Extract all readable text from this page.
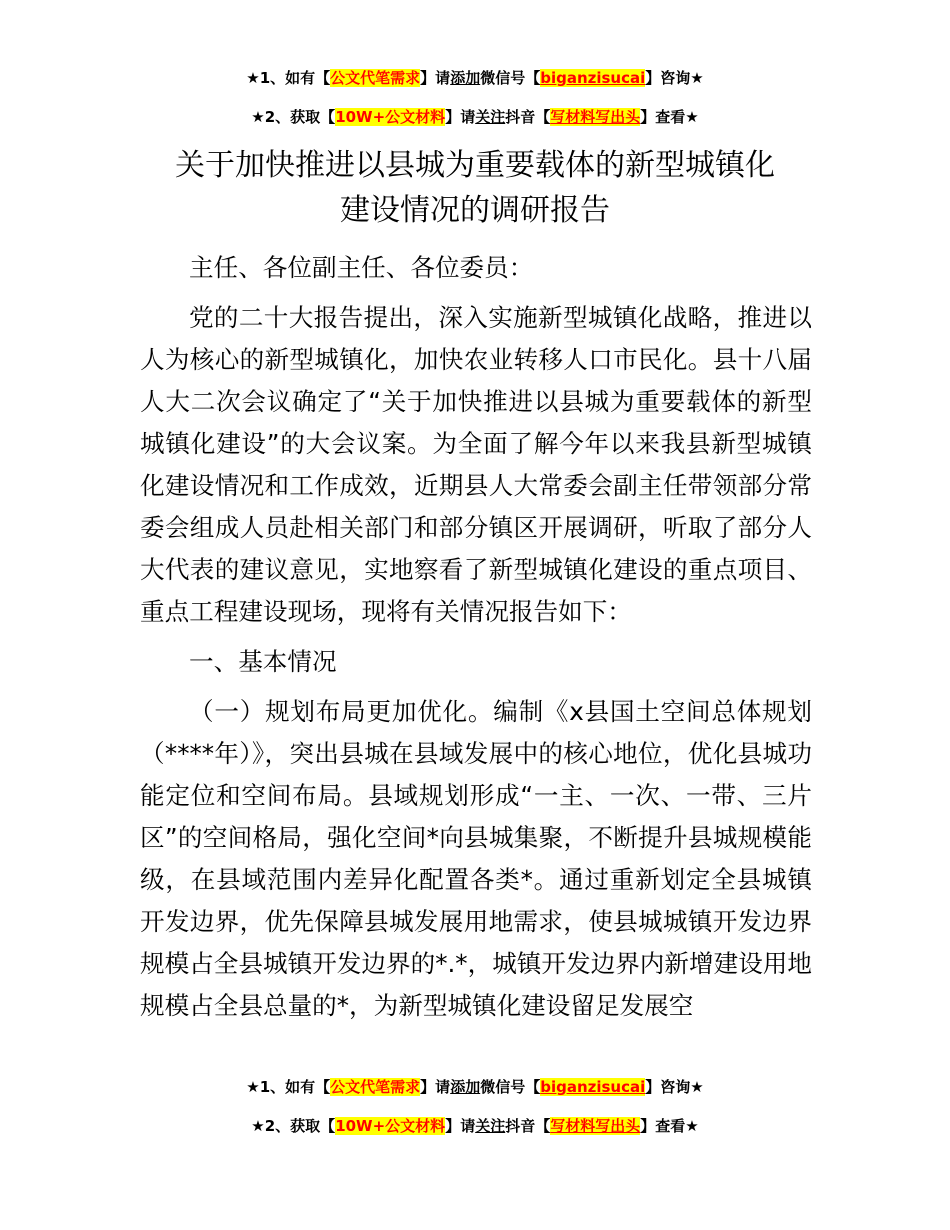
★1、如有【公文代笔需求】请添加微信号【biganzisucai】咨询★
★2、获取【10W+公文材料】请关注抖音【写材料写出头】查看★
关于加快推进以县城为重要载体的新型城镇化
建设情况的调研报告

主任、各位副主任、各位委员：

党的二十大报告提出，深入实施新型城镇化战略，推进以人为核心的新型城镇化，加快农业转移人口市民化。县十八届人大二次会议确定了“关于加快推进以县城为重要载体的新型城镇化建设”的大会议案。为全面了解今年以来我县新型城镇化建设情况和工作成效，近期县人大常委会副主任带领部分常委会组成人员赴相关部门和部分镇区开展调研，听取了部分人大代表的建议意见，实地察看了新型城镇化建设的重点项目、重点工程建设现场，现将有关情况报告如下：

一、基本情况

（一）规划布局更加优化。编制《x县国土空间总体规划（****年）》，突出县城在县域发展中的核心地位，优化县城功能定位和空间布局。县域规划形成“一主、一次、一带、三片区”的空间格局，强化空间*向县城集聚，不断提升县城规模能级，在县域范围内差异化配置各类*。通过重新划定全县城镇开发边界，优先保障县城发展用地需求，使县城城镇开发边界规模占全县城镇开发边界的*.*，城镇开发边界内新增建设用地规模占全县总量的*，为新型城镇化建设留足发展空

★1、如有【公文代笔需求】请添加微信号【biganzisucai】咨询★
★2、获取【10W+公文材料】请关注抖音【写材料写出头】查看★
